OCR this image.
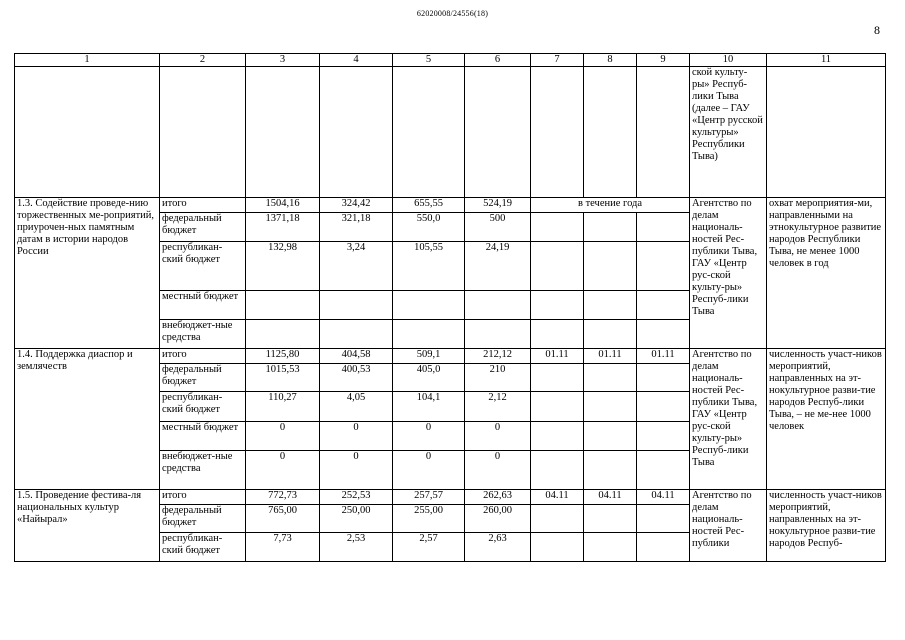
62020008/24556(18)
8
1	2	3	4	5	6	7	8	9	10	11
									ской культу-ры» Респуб-лики Тыва (далее – ГАУ «Центр русской культуры» Республики Тыва)	
1.3. Содействие проведе-нию торжественных ме-роприятий, приурочен-ных памятным датам в истории народов России	итого	1504,16	324,42	655,55	524,19	в течение года			Агентство по делам националь-ностей Рес-публики Тыва, ГАУ «Центр рус-ской культу-ры» Респуб-лики Тыва	охват мероприятия-ми, направленными на этнокультурное развитие народов Республики Тыва, не менее 1000 человек в год
	федеральный бюджет	1371,18	321,18	550,0	500					
	республикан-ский бюджет	132,98	3,24	105,55	24,19					
	местный бюджет									
	внебюджет-ные средства									
1.4. Поддержка диаспор и землячеств	итого	1125,80	404,58	509,1	212,12	01.11	01.11	01.11	Агентство по делам националь-ностей Рес-публики Тыва, ГАУ «Центр рус-ской культу-ры» Респуб-лики Тыва	численность участ-ников мероприятий, направленных на эт-нокультурное разви-тие народов Респуб-лики Тыва, – не ме-нее 1000 человек
	федеральный бюджет	1015,53	400,53	405,0	210					
	республикан-ский бюджет	110,27	4,05	104,1	2,12					
	местный бюджет	0	0	0	0					
	внебюджет-ные средства	0	0	0	0					
1.5. Проведение фестива-ля национальных культур «Найырал»	итого	772,73	252,53	257,57	262,63	04.11	04.11	04.11	Агентство по делам националь-ностей Рес-публики	численность участ-ников мероприятий, направленных на эт-нокультурное разви-тие народов Респуб-
	федеральный бюджет	765,00	250,00	255,00	260,00					
	республикан-ский бюджет	7,73	2,53	2,57	2,63					
